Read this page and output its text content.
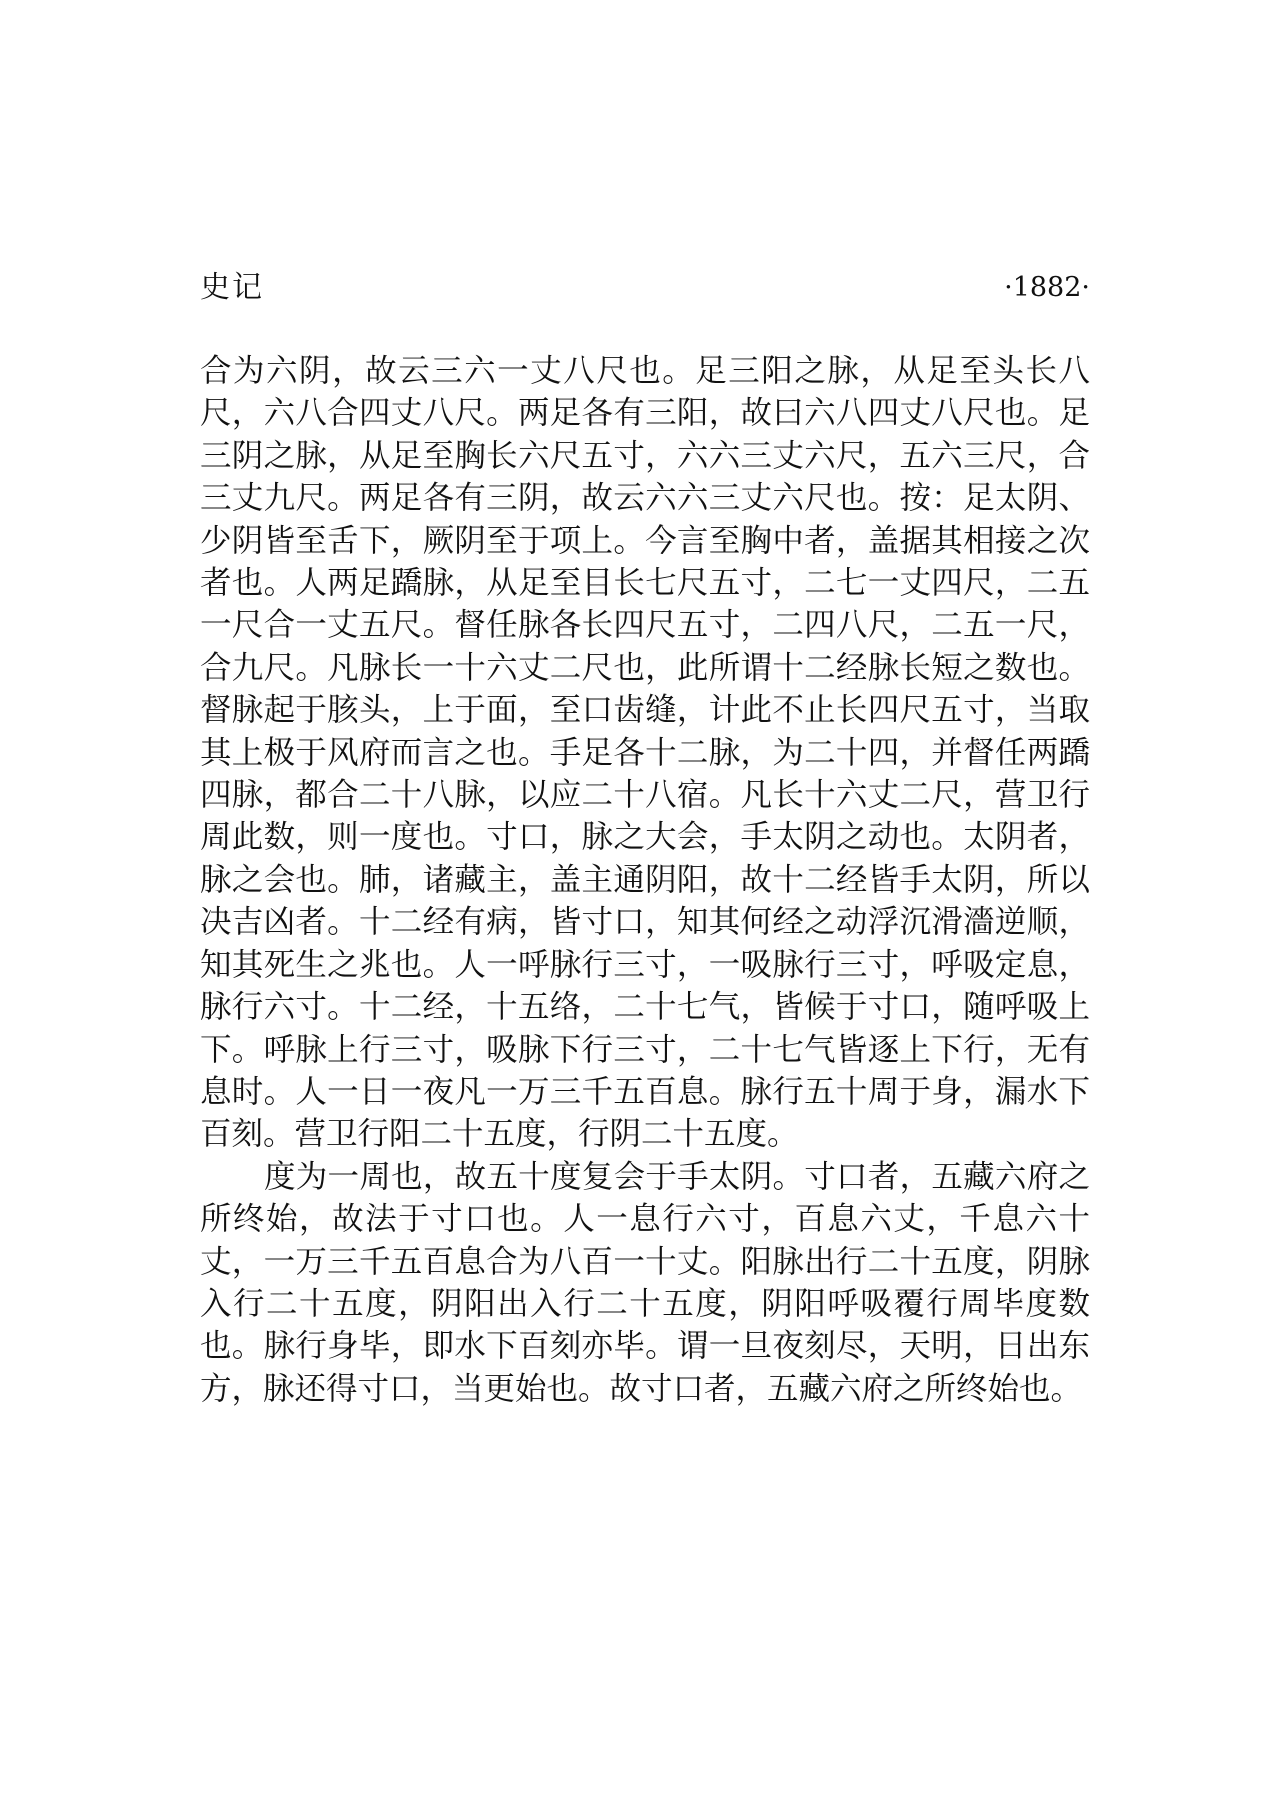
史记	·1882·

合为六阴，故云三六一丈八尺也。足三阳之脉，从足至头长八尺，六八合四丈八尺。两足各有三阳，故曰六八四丈八尺也。足三阴之脉，从足至胸长六尺五寸，六六三丈六尺，五六三尺，合三丈九尺。两足各有三阴，故云六六三丈六尺也。按：足太阴、少阴皆至舌下，厥阴至于项上。今言至胸中者，盖据其相接之次者也。人两足蹻脉，从足至目长七尺五寸，二七一丈四尺，二五一尺合一丈五尺。督任脉各长四尺五寸，二四八尺，二五一尺，合九尺。凡脉长一十六丈二尺也，此所谓十二经脉长短之数也。督脉起于胲头，上于面，至口齿缝，计此不止长四尺五寸，当取其上极于风府而言之也。手足各十二脉，为二十四，并督任两蹻四脉，都合二十八脉，以应二十八宿。凡长十六丈二尺，营卫行周此数，则一度也。寸口，脉之大会，手太阴之动也。太阴者，脉之会也。肺，诸藏主，盖主通阴阳，故十二经皆手太阴，所以决吉凶者。十二经有病，皆寸口，知其何经之动浮沉滑濇逆顺，知其死生之兆也。人一呼脉行三寸，一吸脉行三寸，呼吸定息，脉行六寸。十二经，十五络，二十七气，皆候于寸口，随呼吸上下。呼脉上行三寸，吸脉下行三寸，二十七气皆逐上下行，无有息时。人一日一夜凡一万三千五百息。脉行五十周于身，漏水下百刻。营卫行阳二十五度，行阴二十五度。

度为一周也，故五十度复会于手太阴。寸口者，五藏六府之所终始，故法于寸口也。人一息行六寸，百息六丈，千息六十丈，一万三千五百息合为八百一十丈。阳脉出行二十五度，阴脉入行二十五度，阴阳出入行二十五度，阴阳呼吸覆行周毕度数也。脉行身毕，即水下百刻亦毕。谓一旦夜刻尽，天明，日出东方，脉还得寸口，当更始也。故寸口者，五藏六府之所终始也。
